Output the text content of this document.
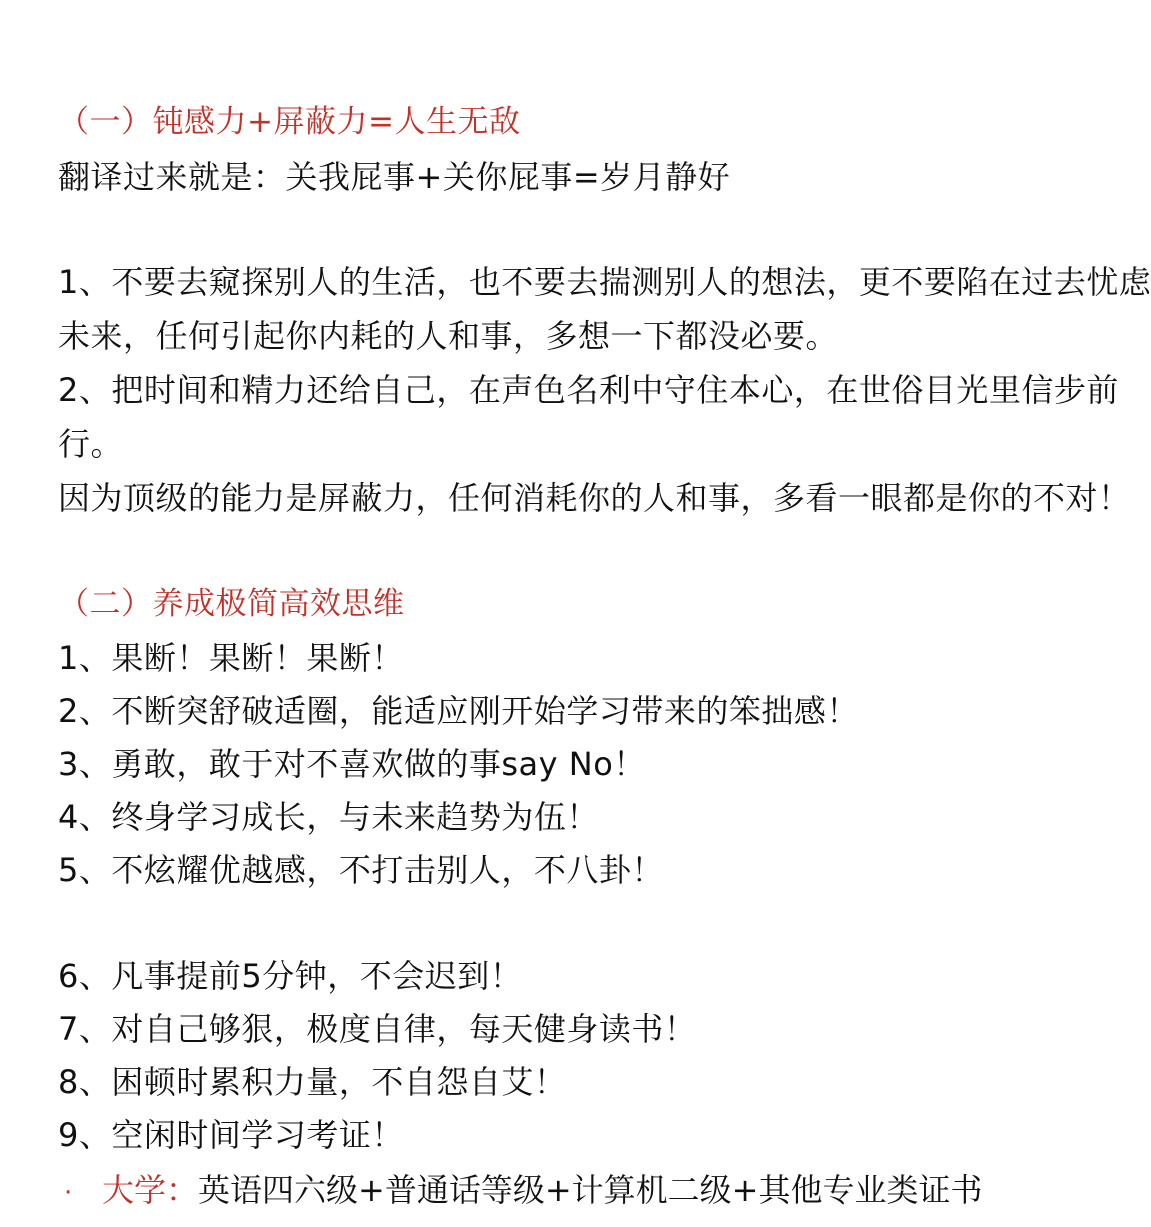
（一）钝感力+屏蔽力=人生无敌
翻译过来就是：关我屁事+关你屁事=岁月静好
1、不要去窥探别人的生活，也不要去揣测别人的想法，更不要陷在过去忧虑
未来，任何引起你内耗的人和事，多想一下都没必要。
2、把时间和精力还给自己，在声色名利中守住本心，在世俗目光里信步前
行。
因为顶级的能力是屏蔽力，任何消耗你的人和事，多看一眼都是你的不对！
（二）养成极简高效思维
1、果断！果断！果断！
2、不断突舒破适圈，能适应刚开始学习带来的笨拙感！
3、勇敢，敢于对不喜欢做的事say No！
4、终身学习成长，与未来趋势为伍！
5、不炫耀优越感，不打击别人，不八卦！
6、凡事提前5分钟，不会迟到！
7、对自己够狠，极度自律，每天健身读书！
8、困顿时累积力量，不自怨自艾！
9、空闲时间学习考证！
· 大学：英语四六级+普通话等级+计算机二级+其他专业类证书
